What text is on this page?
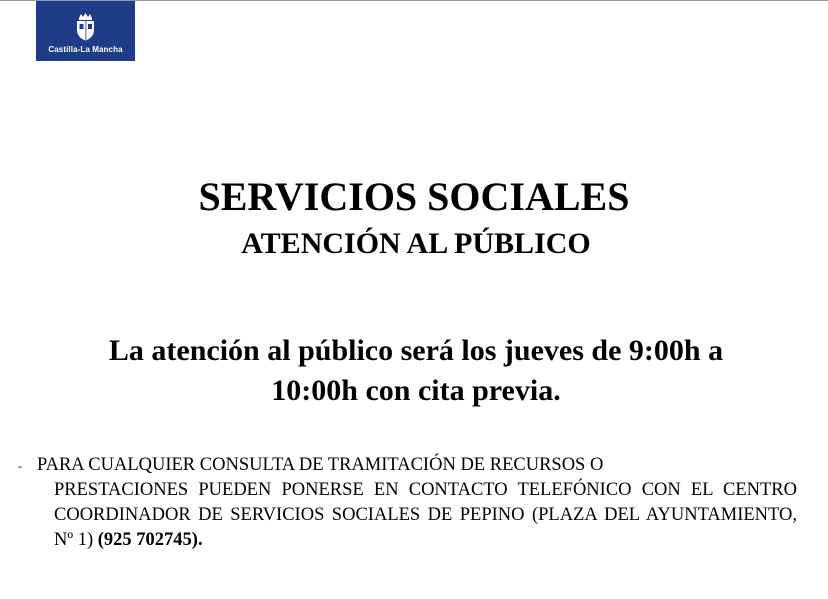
Castilla-La Mancha
SERVICIOS SOCIALES
ATENCIÓN AL PÚBLICO

La atención al público será los jueves de 9:00h a
10:00h con cita previa.

- PARA CUALQUIER CONSULTA DE TRAMITACIÓN DE RECURSOS O
PRESTACIONES PUEDEN PONERSE EN CONTACTO TELEFÓNICO CON EL CENTRO COORDINADOR DE SERVICIOS SOCIALES DE PEPINO (PLAZA DEL AYUNTAMIENTO, Nº 1) (925 702745).
